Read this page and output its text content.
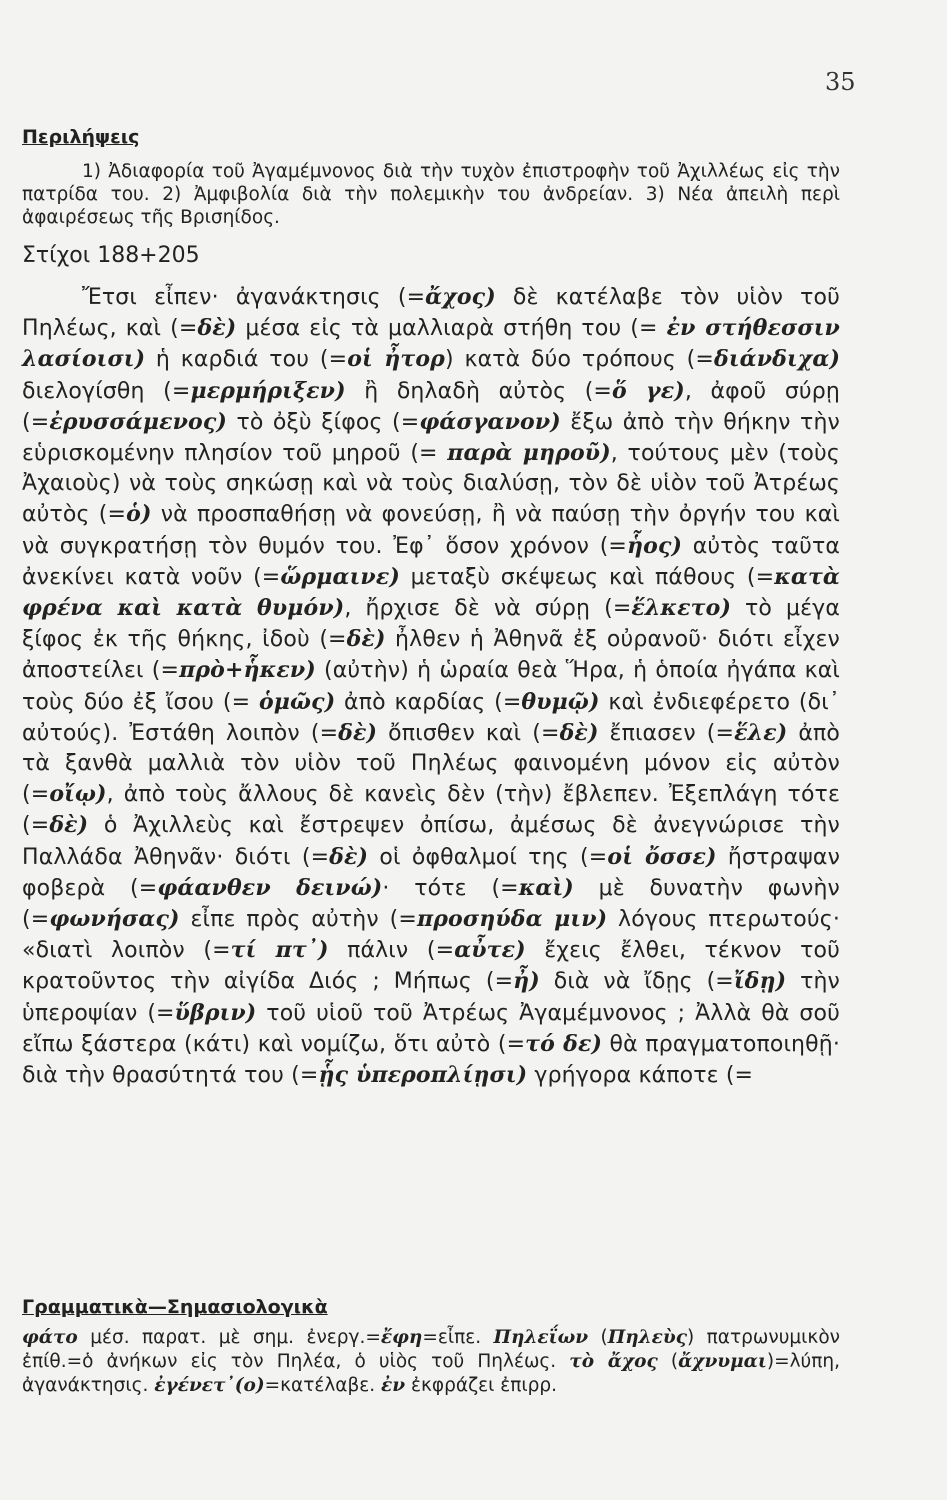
35
Περιλήψεις
1) Ἀδιαφορία τοῦ Ἀγαμέμνονος διὰ τὴν τυχὸν ἐπιστροφὴν τοῦ Ἀχιλλέως εἰς τὴν πατρίδα του. 2) Ἀμφιβολία διὰ τὴν πολεμικὴν του ἀνδρείαν. 3) Νέα ἀπειλὴ περὶ ἀφαιρέσεως τῆς Βρισηίδος.
Στίχοι 188+205
Ἔτσι εἶπεν· ἀγανάκτησις (=ἄχος) δὲ κατέλαβε τὸν υἱὸν τοῦ Πηλέως, καὶ (=δὲ) μέσα εἰς τὰ μαλλιαρὰ στήθη του (= ἐν στήθεσσιν λασίοισι) ἡ καρδιά του (=οἱ ἦτορ) κατὰ δύο τρόπους (=διάνδιχα) διελογίσθη (=μερμήριξεν) ἢ δηλαδὴ αὐτὸς (=ὅ γε), ἀφοῦ σύρῃ (=ἐρυσσάμενος) τὸ ὀξὺ ξίφος (=φάσγανον) ἔξω ἀπὸ τὴν θήκην τὴν εὑρισκομένην πλησίον τοῦ μηροῦ (= παρὰ μηροῦ), τούτους μὲν (τοὺς Ἀχαιοὺς) νὰ τοὺς σηκώσῃ καὶ νὰ τοὺς διαλύσῃ, τὸν δὲ υἱὸν τοῦ Ἀτρέως αὐτὸς (=ὁ) νὰ προσπαθήσῃ νὰ φονεύσῃ, ἢ νὰ παύσῃ τὴν ὀργήν του καὶ νὰ συγκρατήσῃ τὸν θυμόν του. Ἐφ᾽ ὅσον χρόνον (=ἧος) αὐτὸς ταῦτα ἀνεκίνει κατὰ νοῦν (=ὥρμαινε) μεταξὺ σκέψεως καὶ πάθους (=κατὰ φρένα καὶ κατὰ θυμόν), ἤρχισε δὲ νὰ σύρῃ (=ἕλκετο) τὸ μέγα ξίφος ἐκ τῆς θήκης, ἰδοὺ (=δὲ) ἦλθεν ἡ Ἀθηνᾶ ἐξ οὐρανοῦ· διότι εἶχεν ἀποστείλει (=πρὸ+ἧκεν) (αὐτὴν) ἡ ὡραία θεὰ Ἥρα, ἡ ὁποία ἠγάπα καὶ τοὺς δύο ἐξ ἴσου (= ὁμῶς) ἀπὸ καρδίας (=θυμῷ) καὶ ἐνδιεφέρετο (δι᾽ αὐτούς). Ἐστάθη λοιπὸν (=δὲ) ὄπισθεν καὶ (=δὲ) ἔπιασεν (=ἕλε) ἀπὸ τὰ ξανθὰ μαλλιὰ τὸν υἱὸν τοῦ Πηλέως φαινομένη μόνον εἰς αὐτὸν (=οἴῳ), ἀπὸ τοὺς ἄλλους δὲ κανεὶς δὲν (τὴν) ἔβλεπεν. Ἐξεπλάγη τότε (=δὲ) ὁ Ἀχιλλεὺς καὶ ἔστρεψεν ὀπίσω, ἀμέσως δὲ ἀνεγνώρισε τὴν Παλλάδα Ἀθηνᾶν· διότι (=δὲ) οἱ ὀφθαλμοί της (=οἱ ὄσσε) ἤστραψαν φοβερὰ (=φάανθεν δεινώ)· τότε (=καὶ) μὲ δυνατὴν φωνὴν (=φωνήσας) εἶπε πρὸς αὐτὴν (=προσηύδα μιν) λόγους πτερωτούς· «διατὶ λοιπὸν (=τί πτ᾽) πάλιν (=αὖτε) ἔχεις ἔλθει, τέκνον τοῦ κρατοῦντος τὴν αἰγίδα Διός ; Μήπως (=ἦ) διὰ νὰ ἴδῃς (=ἴδῃ) τὴν ὑπεροψίαν (=ὕβριν) τοῦ υἱοῦ τοῦ Ἀτρέως Ἀγαμέμνονος ; Ἀλλὰ θὰ σοῦ εἴπω ξάστερα (κάτι) καὶ νομίζω, ὅτι αὐτὸ (=τό δε) θὰ πραγματοποιηθῇ· διὰ τὴν θρασύτητά του (=ᾗς ὑπεροπλίῃσι) γρήγορα κάποτε (=
Γραμματικὰ—Σημασιολογικὰ
φάτο μέσ. παρατ. μὲ σημ. ἐνεργ.=ἔφη=εἶπε. Πηλεΐων (Πηλεὺς) πατρωνυμικὸν ἐπίθ.=ὁ ἀνήκων εἰς τὸν Πηλέα, ὁ υἱὸς τοῦ Πηλέως. τὸ ἄχος (ἄχνυμαι)=λύπη, ἀγανάκτησις. ἐγένετ᾽(ο)=κατέλαβε. ἐν ἐκφράζει ἐπιρρ.
